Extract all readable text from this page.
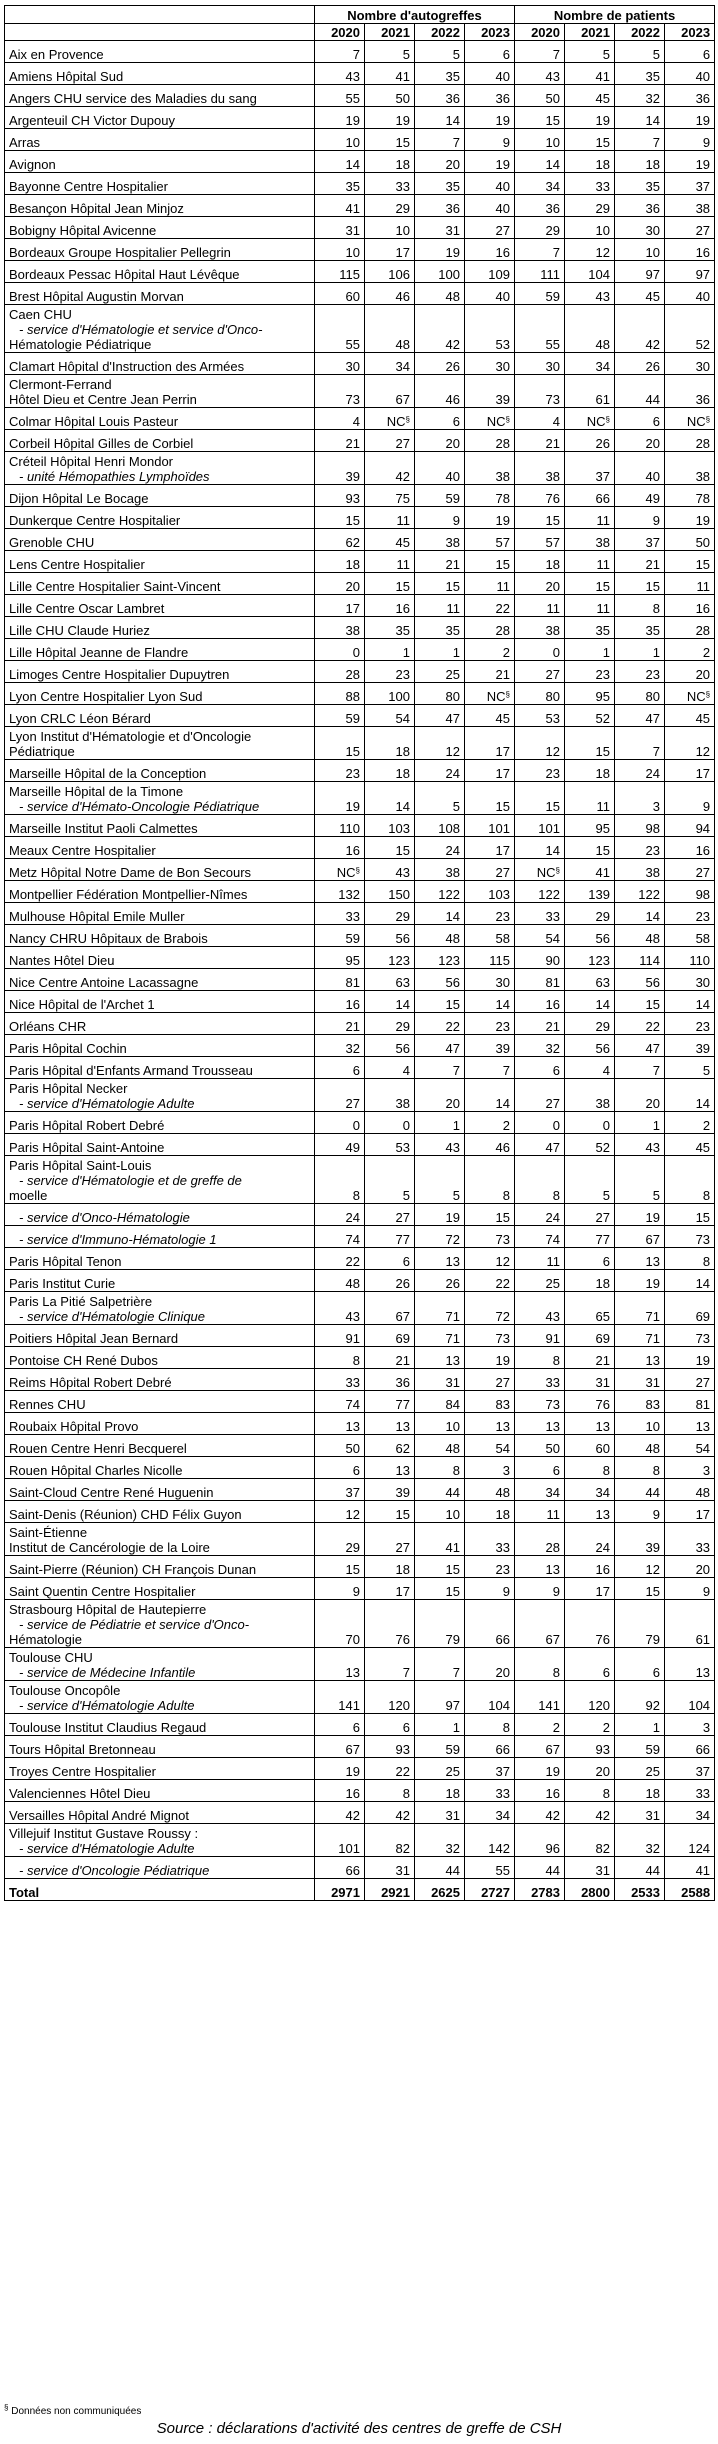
	Nombre d'autogreffes				Nombre de patients			
	2020	2021	2022	2023	2020	2021	2022	2023

Aix en Provence	7	5	5	6	7	5	5	6

Amiens Hôpital Sud	43	41	35	40	43	41	35	40

Angers CHU service des Maladies du sang	55	50	36	36	50	45	32	36

Argenteuil CH Victor Dupouy	19	19	14	19	15	19	14	19

Arras	10	15	7	9	10	15	7	9

Avignon	14	18	20	19	14	18	18	19

Bayonne Centre Hospitalier	35	33	35	40	34	33	35	37

Besançon Hôpital Jean Minjoz	41	29	36	40	36	29	36	38

Bobigny Hôpital Avicenne	31	10	31	27	29	10	30	27

Bordeaux Groupe Hospitalier Pellegrin	10	17	19	16	7	12	10	16

Bordeaux Pessac Hôpital Haut Lévêque	115	106	100	109	111	104	97	97

Brest Hôpital Augustin Morvan	60	46	48	40	59	43	45	40

Caen CHU
- service d'Hématologie et service d'Onco-
Hématologie Pédiatrique	55	48	42	53	55	48	42	52

Clamart Hôpital d'Instruction des Armées	30	34	26	30	30	34	26	30

Clermont-Ferrand
Hôtel Dieu et Centre Jean Perrin	73	67	46	39	73	61	44	36

Colmar Hôpital Louis Pasteur	4	NC§	6	NC§	4	NC§	6	NC§

Corbeil Hôpital Gilles de Corbiel	21	27	20	28	21	26	20	28

Créteil Hôpital Henri Mondor
- unité Hémopathies Lymphoïdes	39	42	40	38	38	37	40	38

Dijon Hôpital Le Bocage	93	75	59	78	76	66	49	78

Dunkerque Centre Hospitalier	15	11	9	19	15	11	9	19

Grenoble CHU	62	45	38	57	57	38	37	50

Lens Centre Hospitalier	18	11	21	15	18	11	21	15

Lille Centre Hospitalier Saint-Vincent	20	15	15	11	20	15	15	11

Lille Centre Oscar Lambret	17	16	11	22	11	11	8	16

Lille CHU Claude Huriez	38	35	35	28	38	35	35	28

Lille Hôpital Jeanne de Flandre	0	1	1	2	0	1	1	2

Limoges Centre Hospitalier Dupuytren	28	23	25	21	27	23	23	20

Lyon Centre Hospitalier Lyon Sud	88	100	80	NC§	80	95	80	NC§

Lyon CRLC Léon Bérard	59	54	47	45	53	52	47	45

Lyon Institut d'Hématologie et d'Oncologie
Pédiatrique	15	18	12	17	12	15	7	12

Marseille Hôpital de la Conception	23	18	24	17	23	18	24	17

Marseille Hôpital de la Timone
- service d'Hémato-Oncologie Pédiatrique	19	14	5	15	15	11	3	9

Marseille Institut Paoli Calmettes	110	103	108	101	101	95	98	94

Meaux Centre Hospitalier	16	15	24	17	14	15	23	16

Metz Hôpital Notre Dame de Bon Secours	NC§	43	38	27	NC§	41	38	27

Montpellier Fédération Montpellier-Nîmes	132	150	122	103	122	139	122	98

Mulhouse Hôpital Emile Muller	33	29	14	23	33	29	14	23

Nancy CHRU Hôpitaux de Brabois	59	56	48	58	54	56	48	58

Nantes Hôtel Dieu	95	123	123	115	90	123	114	110

Nice Centre Antoine Lacassagne	81	63	56	30	81	63	56	30

Nice Hôpital de l'Archet 1	16	14	15	14	16	14	15	14

Orléans CHR	21	29	22	23	21	29	22	23

Paris Hôpital Cochin	32	56	47	39	32	56	47	39

Paris Hôpital d'Enfants Armand Trousseau	6	4	7	7	6	4	7	5

Paris Hôpital Necker
- service d'Hématologie Adulte	27	38	20	14	27	38	20	14

Paris Hôpital Robert Debré	0	0	1	2	0	0	1	2

Paris Hôpital Saint-Antoine	49	53	43	46	47	52	43	45

Paris Hôpital Saint-Louis
- service d'Hématologie et de greffe de
moelle	8	5	5	8	8	5	5	8

- service d'Onco-Hématologie	24	27	19	15	24	27	19	15

- service d'Immuno-Hématologie 1	74	77	72	73	74	77	67	73

Paris Hôpital Tenon	22	6	13	12	11	6	13	8

Paris Institut Curie	48	26	26	22	25	18	19	14

Paris La Pitié Salpetrière
- service d'Hématologie Clinique	43	67	71	72	43	65	71	69

Poitiers Hôpital Jean Bernard	91	69	71	73	91	69	71	73

Pontoise CH René Dubos	8	21	13	19	8	21	13	19

Reims Hôpital Robert Debré	33	36	31	27	33	31	31	27

Rennes CHU	74	77	84	83	73	76	83	81

Roubaix Hôpital Provo	13	13	10	13	13	13	10	13

Rouen Centre Henri Becquerel	50	62	48	54	50	60	48	54

Rouen Hôpital Charles Nicolle	6	13	8	3	6	8	8	3

Saint-Cloud Centre René Huguenin	37	39	44	48	34	34	44	48

Saint-Denis (Réunion) CHD Félix Guyon	12	15	10	18	11	13	9	17

Saint-Étienne
Institut de Cancérologie de la Loire	29	27	41	33	28	24	39	33

Saint-Pierre (Réunion) CH François Dunan	15	18	15	23	13	16	12	20

Saint Quentin Centre Hospitalier	9	17	15	9	9	17	15	9

Strasbourg Hôpital de Hautepierre
- service de Pédiatrie et service d'Onco-
Hématologie	70	76	79	66	67	76	79	61

Toulouse CHU
- service de Médecine Infantile	13	7	7	20	8	6	6	13

Toulouse Oncopôle
- service d'Hématologie Adulte	141	120	97	104	141	120	92	104

Toulouse Institut Claudius Regaud	6	6	1	8	2	2	1	3

Tours Hôpital Bretonneau	67	93	59	66	67	93	59	66

Troyes Centre Hospitalier	19	22	25	37	19	20	25	37

Valenciennes Hôtel Dieu	16	8	18	33	16	8	18	33

Versailles Hôpital André Mignot	42	42	31	34	42	42	31	34

Villejuif Institut Gustave Roussy :
- service d'Hématologie Adulte	101	82	32	142	96	82	32	124

- service d'Oncologie Pédiatrique	66	31	44	55	44	31	44	41
Total	2971	2921	2625	2727	2783	2800	2533	2588
§ Données non communiquées
Source : déclarations d'activité des centres de greffe de CSH
